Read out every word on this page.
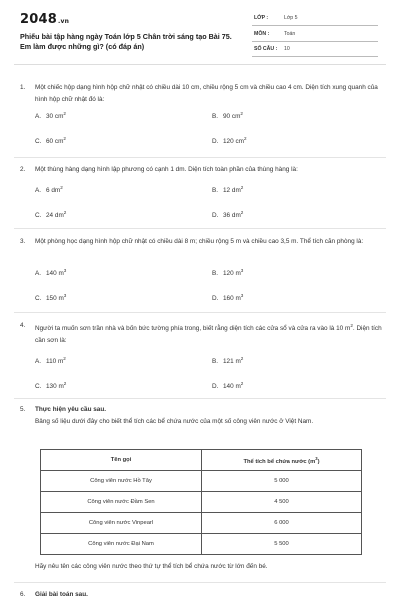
2048.vn
Phiếu bài tập hàng ngày Toán lớp 5 Chân trời sáng tạo Bài 75. Em làm được những gì? (có đáp án)
LỚP :	Lớp 5
MÔN :	Toán
SỐ CÂU : 10
1. Một chiếc hộp dạng hình hộp chữ nhật có chiều dài 10 cm, chiều rộng 5 cm và chiều cao 4 cm. Diện tích xung quanh của hình hộp chữ nhật đó là:
A. 30 $cm^2$	B. 90 $cm^2$
C. 60 $cm^2$	D. 120 $cm^2$
2. Một thùng hàng dạng hình lập phương có cạnh 1 dm. Diện tích toàn phần của thùng hàng là:
A. 6 $dm^2$	B. 12 $dm^2$
C. 24 $dm^2$	D. 36 $dm^2$
3. Một phòng học dạng hình hộp chữ nhật có chiều dài 8 m; chiều rộng 5 m và chiều cao 3,5 m. Thể tích căn phòng là:
A. 140 $m^3$	B. 120 $m^3$
C. 150 $m^3$	D. 160 $m^3$
4. Người ta muốn sơn trần nhà và bốn bức tường phía trong, biết rằng diện tích các cửa sổ và cửa ra vào là 10 $m^2$. Diện tích cần sơn là:
A. 110 $m^2$	B. 121 $m^2$
C. 130 $m^2$	D. 140 $m^2$
5. Thực hiện yêu cầu sau.
Bảng số liệu dưới đây cho biết thể tích các bể chứa nước của một số công viên nước ở Việt Nam.
Tên gọi	Thể tích bể chứa nước $(m^3)$
Công viên nước Hồ Tây	5 000
Công viên nước Đầm Sen	4 500
Công viên nước Vinpearl	6 000
Công viên nước Đại Nam	5 500
Hãy nêu tên các công viên nước theo thứ tự thể tích bể chứa nước từ lớn đến bé.
6. Giải bài toán sau.
